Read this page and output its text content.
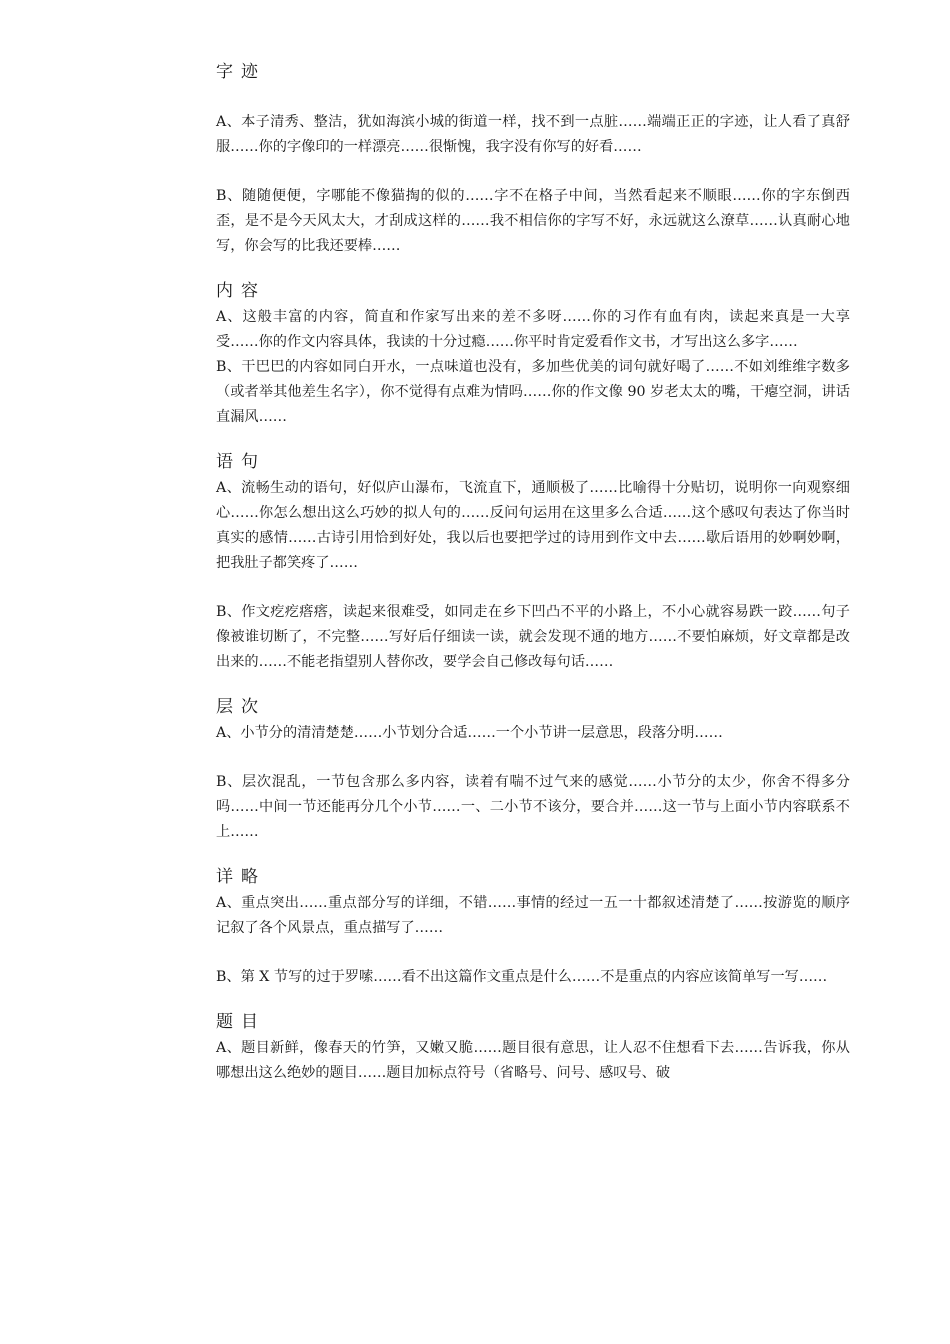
字迹

A、本子清秀、整洁，犹如海滨小城的街道一样，找不到一点脏……端端正正的字迹，让人看了真舒服……你的字像印的一样漂亮……很惭愧，我字没有你写的好看……

B、随随便便，字哪能不像猫掏的似的……字不在格子中间，当然看起来不顺眼……你的字东倒西歪，是不是今天风太大，才刮成这样的……我不相信你的字写不好，永远就这么潦草……认真耐心地写，你会写的比我还要棒……

内容

A、这般丰富的内容，简直和作家写出来的差不多呀……你的习作有血有肉，读起来真是一大享受……你的作文内容具体，我读的十分过瘾……你平时肯定爱看作文书，才写出这么多字……

B、干巴巴的内容如同白开水，一点味道也没有，多加些优美的词句就好喝了……不如刘维维字数多（或者举其他差生名字），你不觉得有点难为情吗……你的作文像 90 岁老太太的嘴，干瘪空洞，讲话直漏风……

语句

A、流畅生动的语句，好似庐山瀑布，飞流直下，通顺极了……比喻得十分贴切，说明你一向观察细心……你怎么想出这么巧妙的拟人句的……反问句运用在这里多么合适……这个感叹句表达了你当时真实的感情……古诗引用恰到好处，我以后也要把学过的诗用到作文中去……歇后语用的妙啊妙啊，把我肚子都笑疼了……

B、作文疙疙瘩瘩，读起来很难受，如同走在乡下凹凸不平的小路上，不小心就容易跌一跤……句子像被谁切断了，不完整……写好后仔细读一读，就会发现不通的地方……不要怕麻烦，好文章都是改出来的……不能老指望别人替你改，要学会自己修改每句话……

层次

A、小节分的清清楚楚……小节划分合适……一个小节讲一层意思，段落分明……

B、层次混乱，一节包含那么多内容，读着有喘不过气来的感觉……小节分的太少，你舍不得多分吗……中间一节还能再分几个小节……一、二小节不该分，要合并……这一节与上面小节内容联系不上……

详略

A、重点突出……重点部分写的详细，不错……事情的经过一五一十都叙述清楚了……按游览的顺序记叙了各个风景点，重点描写了……

B、第 X 节写的过于罗嗦……看不出这篇作文重点是什么……不是重点的内容应该简单写一写……

题目

A、题目新鲜，像春天的竹笋，又嫩又脆……题目很有意思，让人忍不住想看下去……告诉我，你从哪想出这么绝妙的题目……题目加标点符号（省略号、问号、感叹号、破
